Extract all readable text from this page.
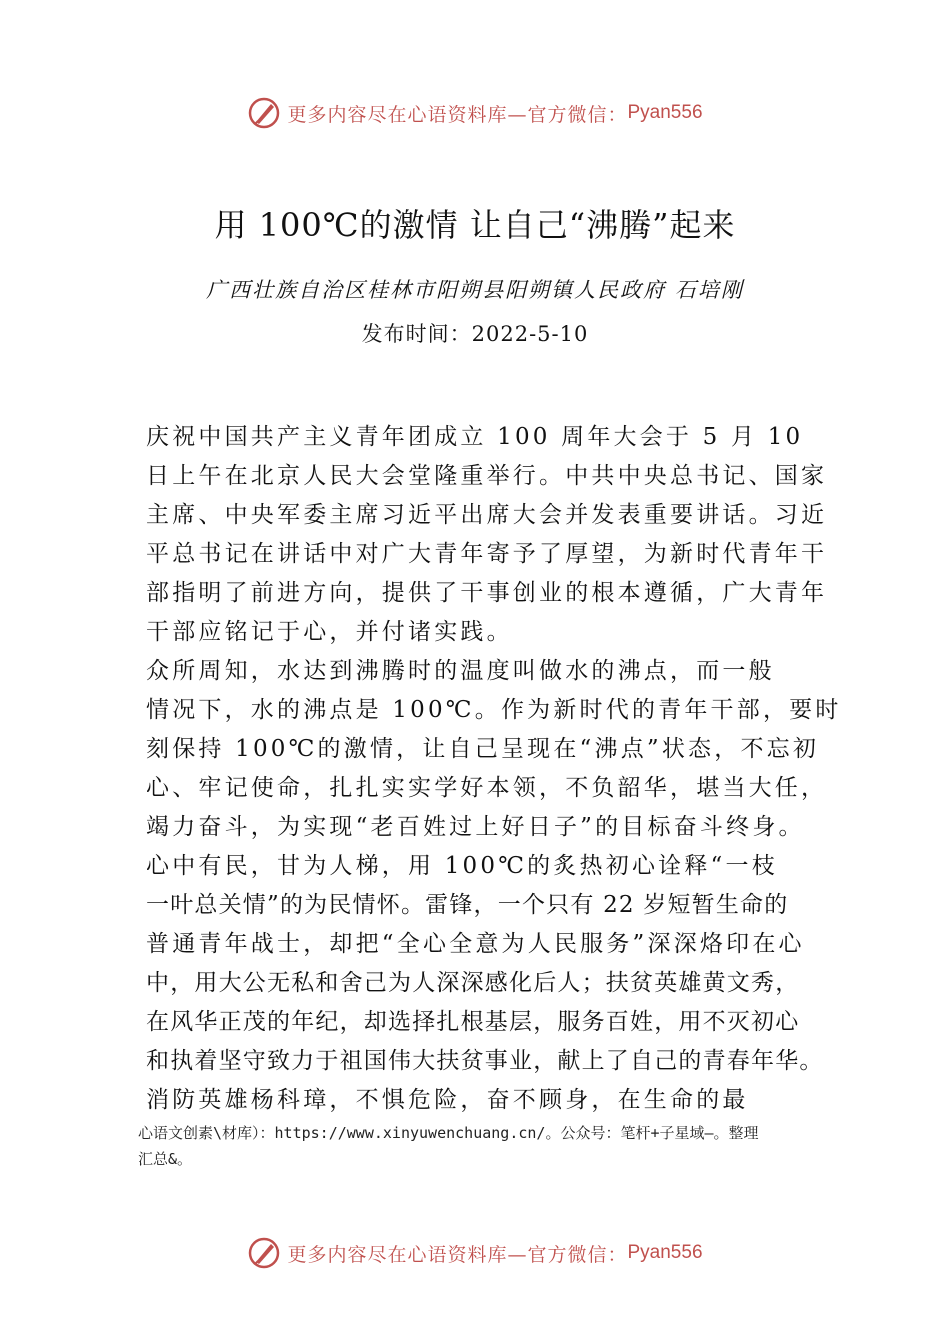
更多内容尽在心语资料库—官方微信： Pyan556
用 100℃的激情 让自己“沸腾”起来
广西壮族自治区桂林市阳朔县阳朔镇人民政府 石培刚
发布时间：2022-5-10
庆祝中国共产主义青年团成立 100 周年大会于 5 月 10
日上午在北京人民大会堂隆重举行。中共中央总书记、国家
主席、中央军委主席习近平出席大会并发表重要讲话。习近
平总书记在讲话中对广大青年寄予了厚望，为新时代青年干
部指明了前进方向，提供了干事创业的根本遵循，广大青年
干部应铭记于心，并付诸实践。
众所周知，水达到沸腾时的温度叫做水的沸点，而一般
情况下，水的沸点是 100℃。作为新时代的青年干部，要时
刻保持 100℃的激情，让自己呈现在“沸点”状态，不忘初
心、牢记使命，扎扎实实学好本领，不负韶华，堪当大任，
竭力奋斗，为实现“老百姓过上好日子”的目标奋斗终身。
心中有民，甘为人梯，用 100℃的炙热初心诠释“一枝
一叶总关情”的为民情怀。雷锋，一个只有 22 岁短暂生命的
普通青年战士，却把“全心全意为人民服务”深深烙印在心
中，用大公无私和舍己为人深深感化后人；扶贫英雄黄文秀，
在风华正茂的年纪，却选择扎根基层，服务百姓，用不灭初心
和执着坚守致力于祖国伟大扶贫事业，献上了自己的青春年华。
消防英雄杨科璋，不惧危险，奋不顾身，在生命的最
心语文创素\材库）：https://www.xinyuwenchuang.cn/。公众号：笔杆+子星域—。整理
汇总&。
更多内容尽在心语资料库—官方微信： Pyan556
